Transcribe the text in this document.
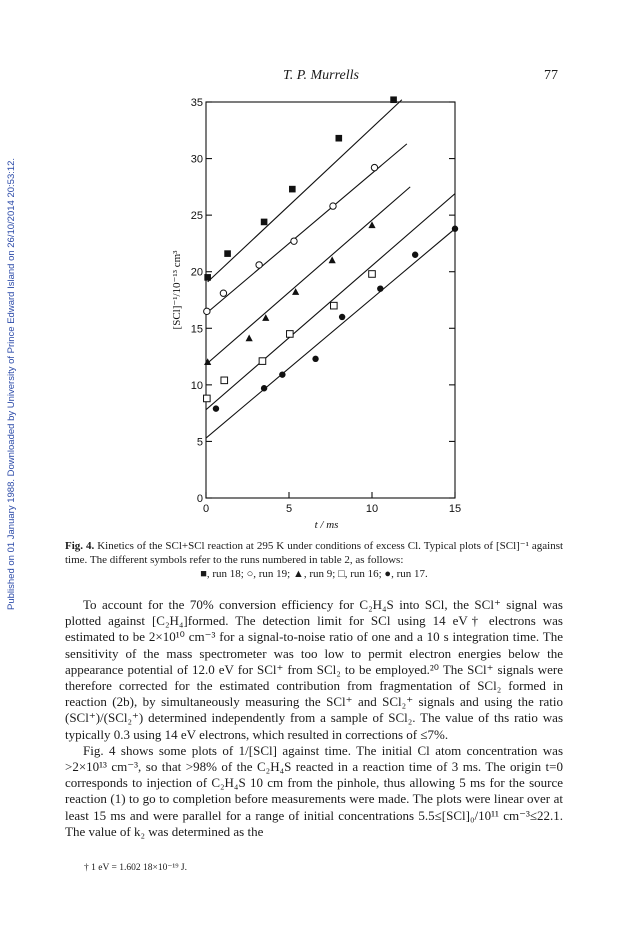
Published on 01 January 1988. Downloaded by University of Prince Edward Island on 26/10/2014 20:53:12.
T. P. Murrells	77
0	5	10	15
0
5
10
15
20
25
30
35
t / ms
[SCl]⁻¹/10⁻¹³ cm³
Fig. 4. Kinetics of the SCl+SCl reaction at 295 K under conditions of excess Cl. Typical plots of [SCl]⁻¹ against time. The different symbols refer to the runs numbered in table 2, as follows:
■, run 18; ○, run 19; ▲, run 9; □, run 16; ●, run 17.

To account for the 70% conversion efficiency for C₂H₄S into SCl, the SCl⁺ signal was plotted against [C₂H₄]formed. The detection limit for SCl using 14 eV† electrons was estimated to be 2×10¹⁰ cm⁻³ for a signal-to-noise ratio of one and a 10 s integration time. The sensitivity of the mass spectrometer was too low to permit electron energies below the appearance potential of 12.0 eV for SCl⁺ from SCl₂ to be employed.²⁰ The SCl⁺ signals were therefore corrected for the estimated contribution from fragmentation of SCl₂ formed in reaction (2b), by simultaneously measuring the SCl⁺ and SCl₂⁺ signals and using the ratio (SCl⁺)/(SCl₂⁺) determined independently from a sample of SCl₂. The value of ths ratio was typically 0.3 using 14 eV electrons, which resulted in corrections of ≤7%.

Fig. 4 shows some plots of 1/[SCl] against time. The initial Cl atom concentration was >2×10¹³ cm⁻³, so that >98% of the C₂H₄S reacted in a reaction time of 3 ms. The origin t=0 corresponds to injection of C₂H₄S 10 cm from the pinhole, thus allowing 5 ms for the source reaction (1) to go to completion before measurements were made. The plots were linear over at least 15 ms and were parallel for a range of initial concentrations 5.5≤[SCl]₀/10¹¹ cm⁻³≤22.1. The value of k₂ was determined as the

† 1 eV = 1.602 18×10⁻¹⁹ J.
